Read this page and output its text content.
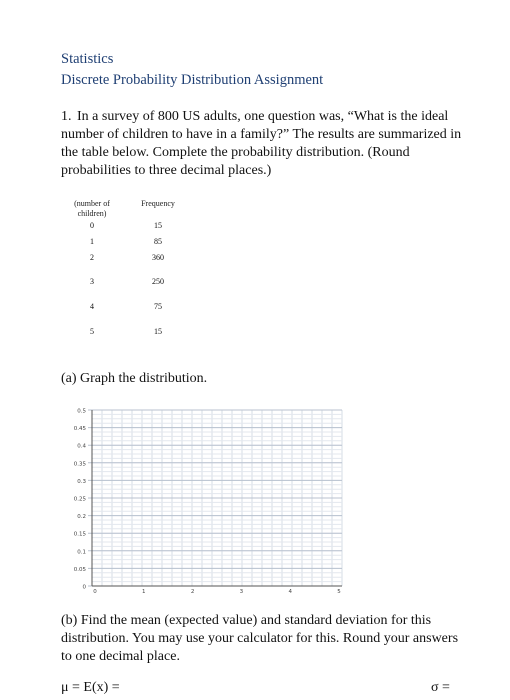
Statistics
Discrete Probability Distribution Assignment
1. In a survey of 800 US adults, one question was, “What is the ideal number of children to have in a family?” The results are summarized in the table below. Complete the probability distribution. (Round probabilities to three decimal places.)
(number of
children)
Frequency
0	15
1	85
2	360
3	250
4	75
5	15
(a) Graph the distribution.
0.5
0.45
0.4
0.35
0.3
0.25
0.2
0.15
0.1
0.05
0
0	1	2	3	4	5
(b) Find the mean (expected value) and standard deviation for this distribution. You may use your calculator for this. Round your answers to one decimal place.
μ = E(x) =	σ =
